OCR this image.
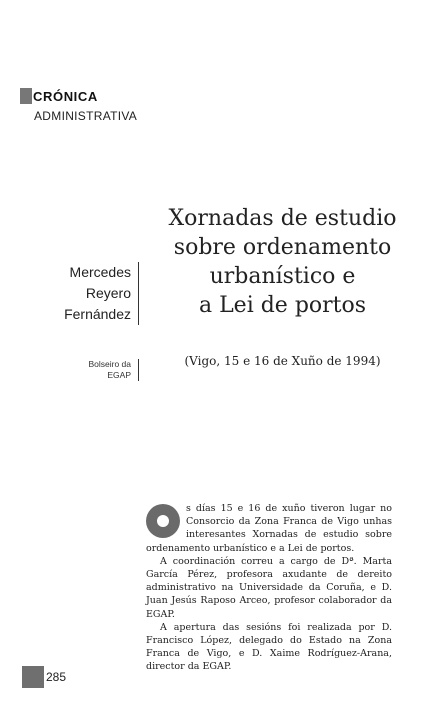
CRÓNICA
ADMINISTRATIVA
Mercedes
Reyero
Fernández
Bolseiro da
EGAP
Xornadas de estudio
sobre ordenamento
urbanístico e
a Lei de portos
(Vigo, 15 e 16 de Xuño de 1994)

s días 15 e 16 de xuño tiveron lugar no Consorcio da Zona Franca de Vigo unhas interesantes Xornadas de estudio sobre ordenamento urbanístico e a Lei de portos.

A coordinación correu a cargo de Dª. Marta García Pérez, profesora axudante de dereito administrativo na Universidade da Coruña, e D. Juan Jesús Raposo Arceo, profesor colaborador da EGAP.

A apertura das sesións foi realizada por D. Francisco López, delegado do Estado na Zona Franca de Vigo, e D. Xaime Rodríguez-Arana, director da EGAP.

285
